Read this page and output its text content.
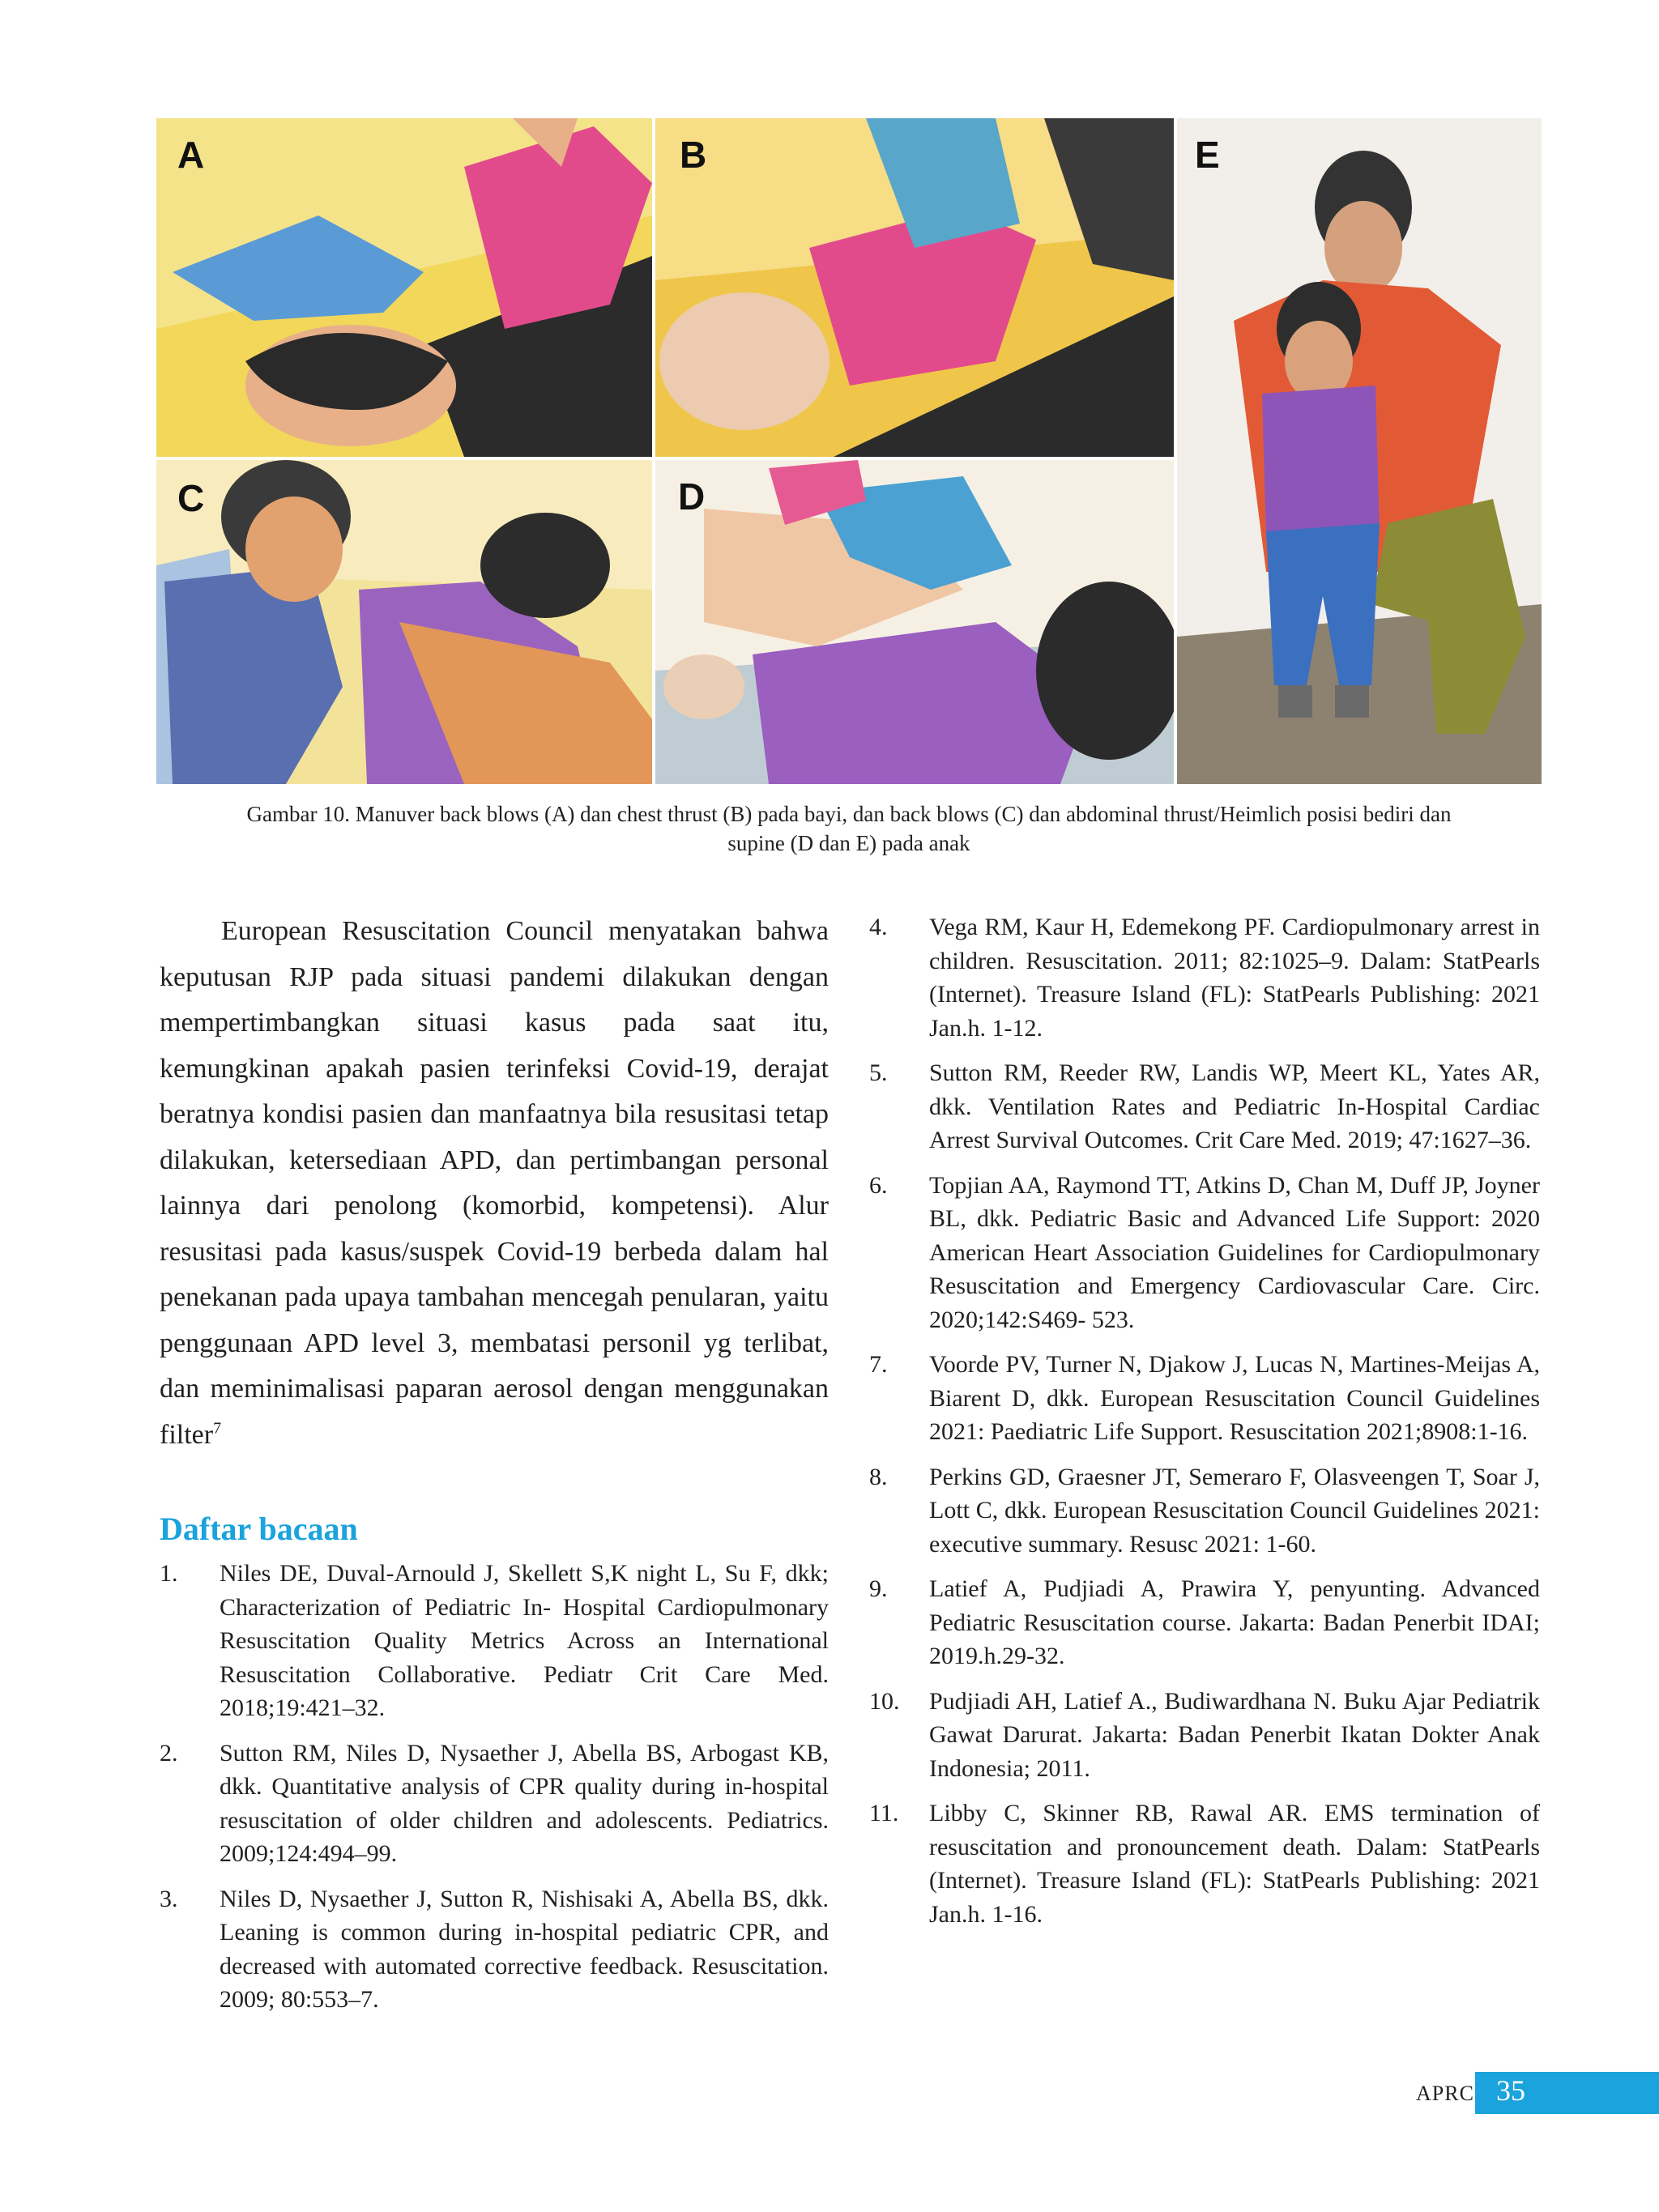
A	B
C	D
E
Gambar 10. Manuver back blows (A) dan chest thrust (B) pada bayi, dan back blows (C) dan abdominal thrust/Heimlich posisi bediri dan
supine (D dan E) pada anak

European Resuscitation Council menyatakan bahwa keputusan RJP pada situasi pandemi dilakukan dengan mempertimbangkan situasi kasus pada saat itu, kemungkinan apakah pasien terinfeksi Covid-19, derajat beratnya kondisi pasien dan manfaatnya bila resusitasi tetap dilakukan, ketersediaan APD, dan pertimbangan personal lainnya dari penolong (komorbid, kompetensi). Alur resusitasi pada kasus/suspek Covid-19 berbeda dalam hal penekanan pada upaya tambahan mencegah penularan, yaitu penggunaan APD level 3, membatasi personil yg terlibat, dan meminimalisasi paparan aerosol dengan menggunakan filter$^7$

Daftar bacaan
1. Niles DE, Duval-Arnould J, Skellett S,K night L, Su F, dkk; Characterization of Pediatric In- Hospital Cardiopulmonary Resuscitation Quality Metrics Across an International Resuscitation Collaborative. Pediatr Crit Care Med. 2018;19:421–32.
2. Sutton RM, Niles D, Nysaether J, Abella BS, Arbogast KB, dkk. Quantitative analysis of CPR quality during in-hospital resuscitation of older children and adolescents. Pediatrics. 2009;124:494–99.
3. Niles D, Nysaether J, Sutton R, Nishisaki A, Abella BS, dkk. Leaning is common during in-hospital pediatric CPR, and decreased with automated corrective feedback. Resuscitation. 2009; 80:553–7.
4. Vega RM, Kaur H, Edemekong PF. Cardiopulmonary arrest in children. Resuscitation. 2011; 82:1025–9. Dalam: StatPearls (Internet). Treasure Island (FL): StatPearls Publishing: 2021 Jan.h. 1-12.
5. Sutton RM, Reeder RW, Landis WP, Meert KL, Yates AR, dkk. Ventilation Rates and Pediatric In-Hospital Cardiac Arrest Survival Outcomes. Crit Care Med. 2019; 47:1627–36.
6. Topjian AA, Raymond TT, Atkins D, Chan M, Duff JP, Joyner BL, dkk. Pediatric Basic and Advanced Life Support: 2020 American Heart Association Guidelines for Cardiopulmonary Resuscitation and Emergency Cardiovascular Care. Circ. 2020;142:S469- 523.
7. Voorde PV, Turner N, Djakow J, Lucas N, Martines-Meijas A, Biarent D, dkk. European Resuscitation Council Guidelines 2021: Paediatric Life Support. Resuscitation 2021;8908:1-16.
8. Perkins GD, Graesner JT, Semeraro F, Olasveengen T, Soar J, Lott C, dkk. European Resuscitation Council Guidelines 2021: executive summary. Resusc 2021: 1-60.
9. Latief A, Pudjiadi A, Prawira Y, penyunting. Advanced Pediatric Resuscitation course. Jakarta: Badan Penerbit IDAI; 2019.h.29-32.
10. Pudjiadi AH, Latief A., Budiwardhana N. Buku Ajar Pediatrik Gawat Darurat. Jakarta: Badan Penerbit Ikatan Dokter Anak Indonesia; 2011.
11. Libby C, Skinner RB, Rawal AR. EMS termination of resuscitation and pronouncement death. Dalam: StatPearls (Internet). Treasure Island (FL): StatPearls Publishing: 2021 Jan.h. 1-16.
APRC 35
